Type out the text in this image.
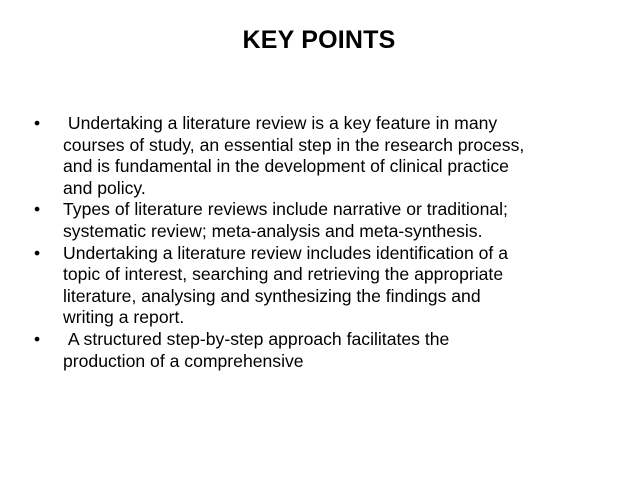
KEY POINTS
•	Undertaking a literature review is a key feature in many
courses of study, an essential step in the research process,
and is fundamental in the development of clinical practice
and policy.
•	Types of literature reviews include narrative or traditional;
systematic review; meta-analysis and meta-synthesis.
•	Undertaking a literature review includes identification of a
topic of interest, searching and retrieving the appropriate
literature, analysing and synthesizing the findings and
writing a report.
•	A structured step-by-step approach facilitates the
production of a comprehensive
